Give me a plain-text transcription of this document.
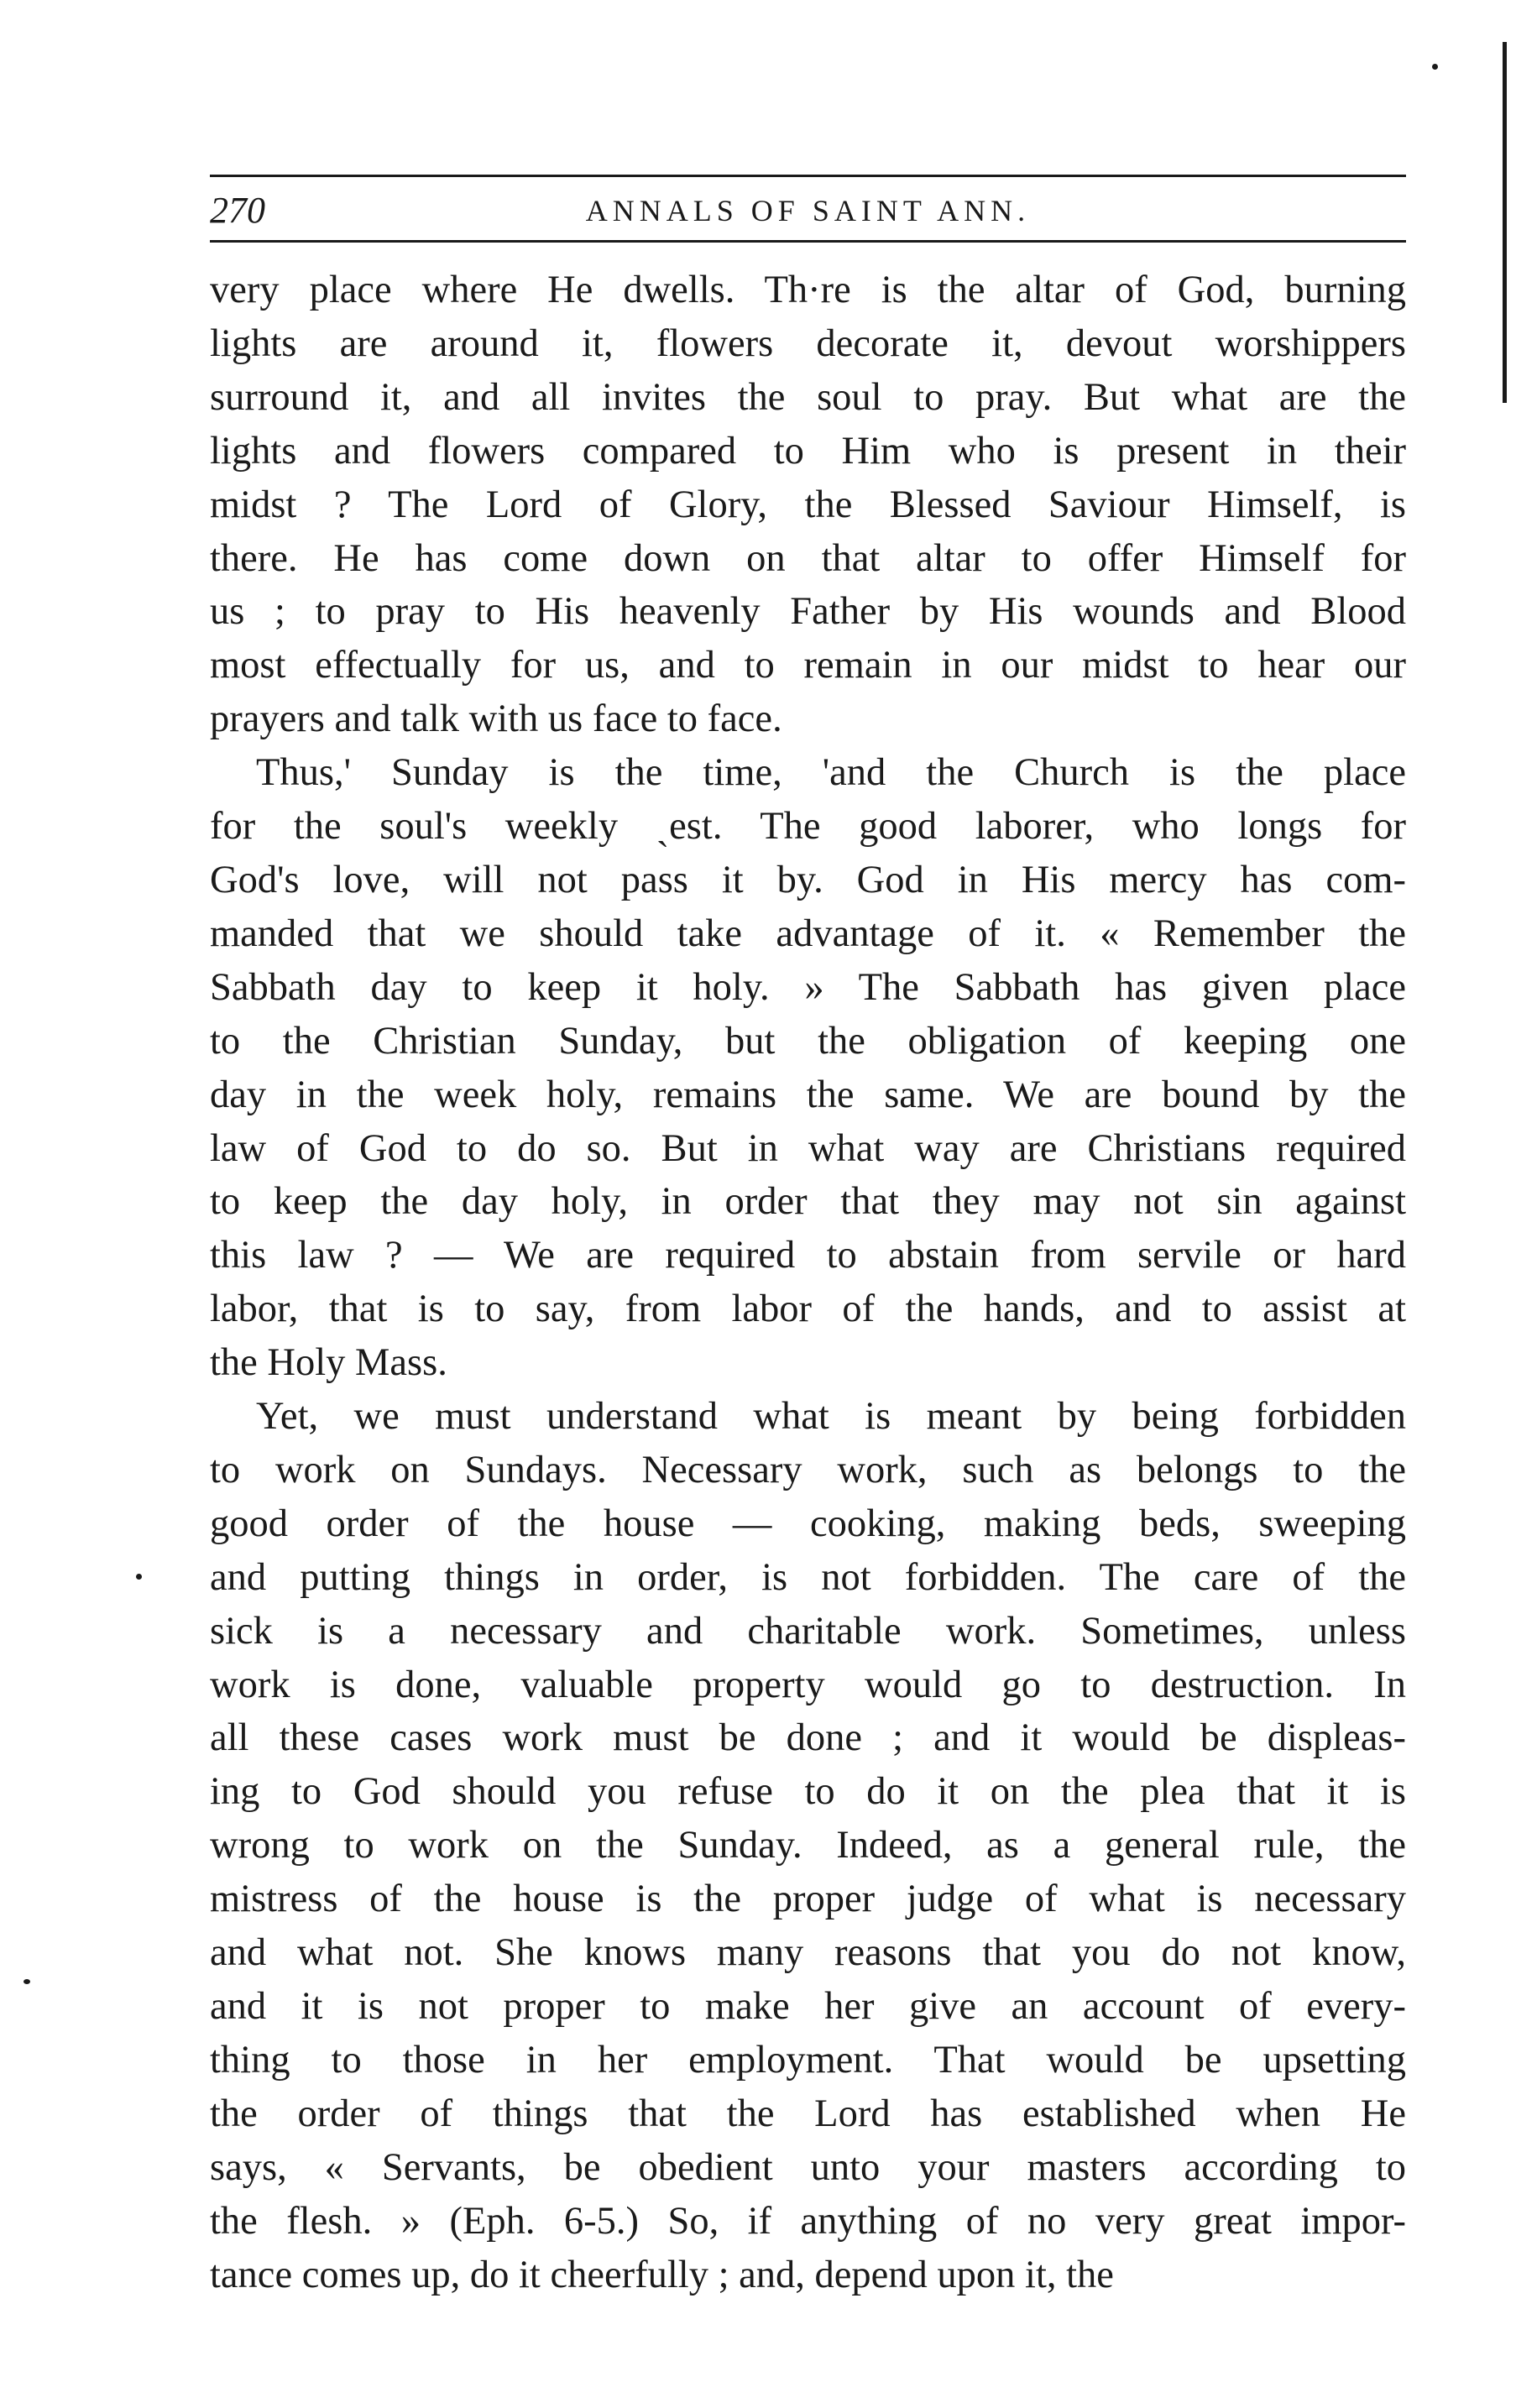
270	ANNALS OF SAINT ANN.
very place where He dwells. Th·re is the altar of God, burning
lights are around it, flowers decorate it, devout worshippers
surround it, and all invites the soul to pray. But what are the
lights and flowers compared to Him who is present in their
midst ? The Lord of Glory, the Blessed Saviour Himself, is
there. He has come down on that altar to offer Himself for
us ; to pray to His heavenly Father by His wounds and Blood
most effectually for us, and to remain in our midst to hear our
prayers and talk with us face to face.
Thus,' Sunday is the time, 'and the Church is the place
for the soul's weekly ˏest. The good laborer, who longs for
God's love, will not pass it by. God in His mercy has com-
manded that we should take advantage of it. « Remember the
Sabbath day to keep it holy. » The Sabbath has given place
to the Christian Sunday, but the obligation of keeping one
day in the week holy, remains the same. We are bound by the
law of God to do so. But in what way are Christians required
to keep the day holy, in order that they may not sin against
this law ? — We are required to abstain from servile or hard
labor, that is to say, from labor of the hands, and to assist at
the Holy Mass.
Yet, we must understand what is meant by being forbidden
to work on Sundays. Necessary work, such as belongs to the
good order of the house — cooking, making beds, sweeping
and putting things in order, is not forbidden. The care of the
sick is a necessary and charitable work. Sometimes, unless
work is done, valuable property would go to destruction. In
all these cases work must be done ; and it would be displeas-
ing to God should you refuse to do it on the plea that it is
wrong to work on the Sunday. Indeed, as a general rule, the
mistress of the house is the proper judge of what is necessary
and what not. She knows many reasons that you do not know,
and it is not proper to make her give an account of every-
thing to those in her employment. That would be upsetting
the order of things that the Lord has established when He
says, « Servants, be obedient unto your masters according to
the flesh. » (Eph. 6-5.) So, if anything of no very great impor-
tance comes up, do it cheerfully ; and, depend upon it, the
